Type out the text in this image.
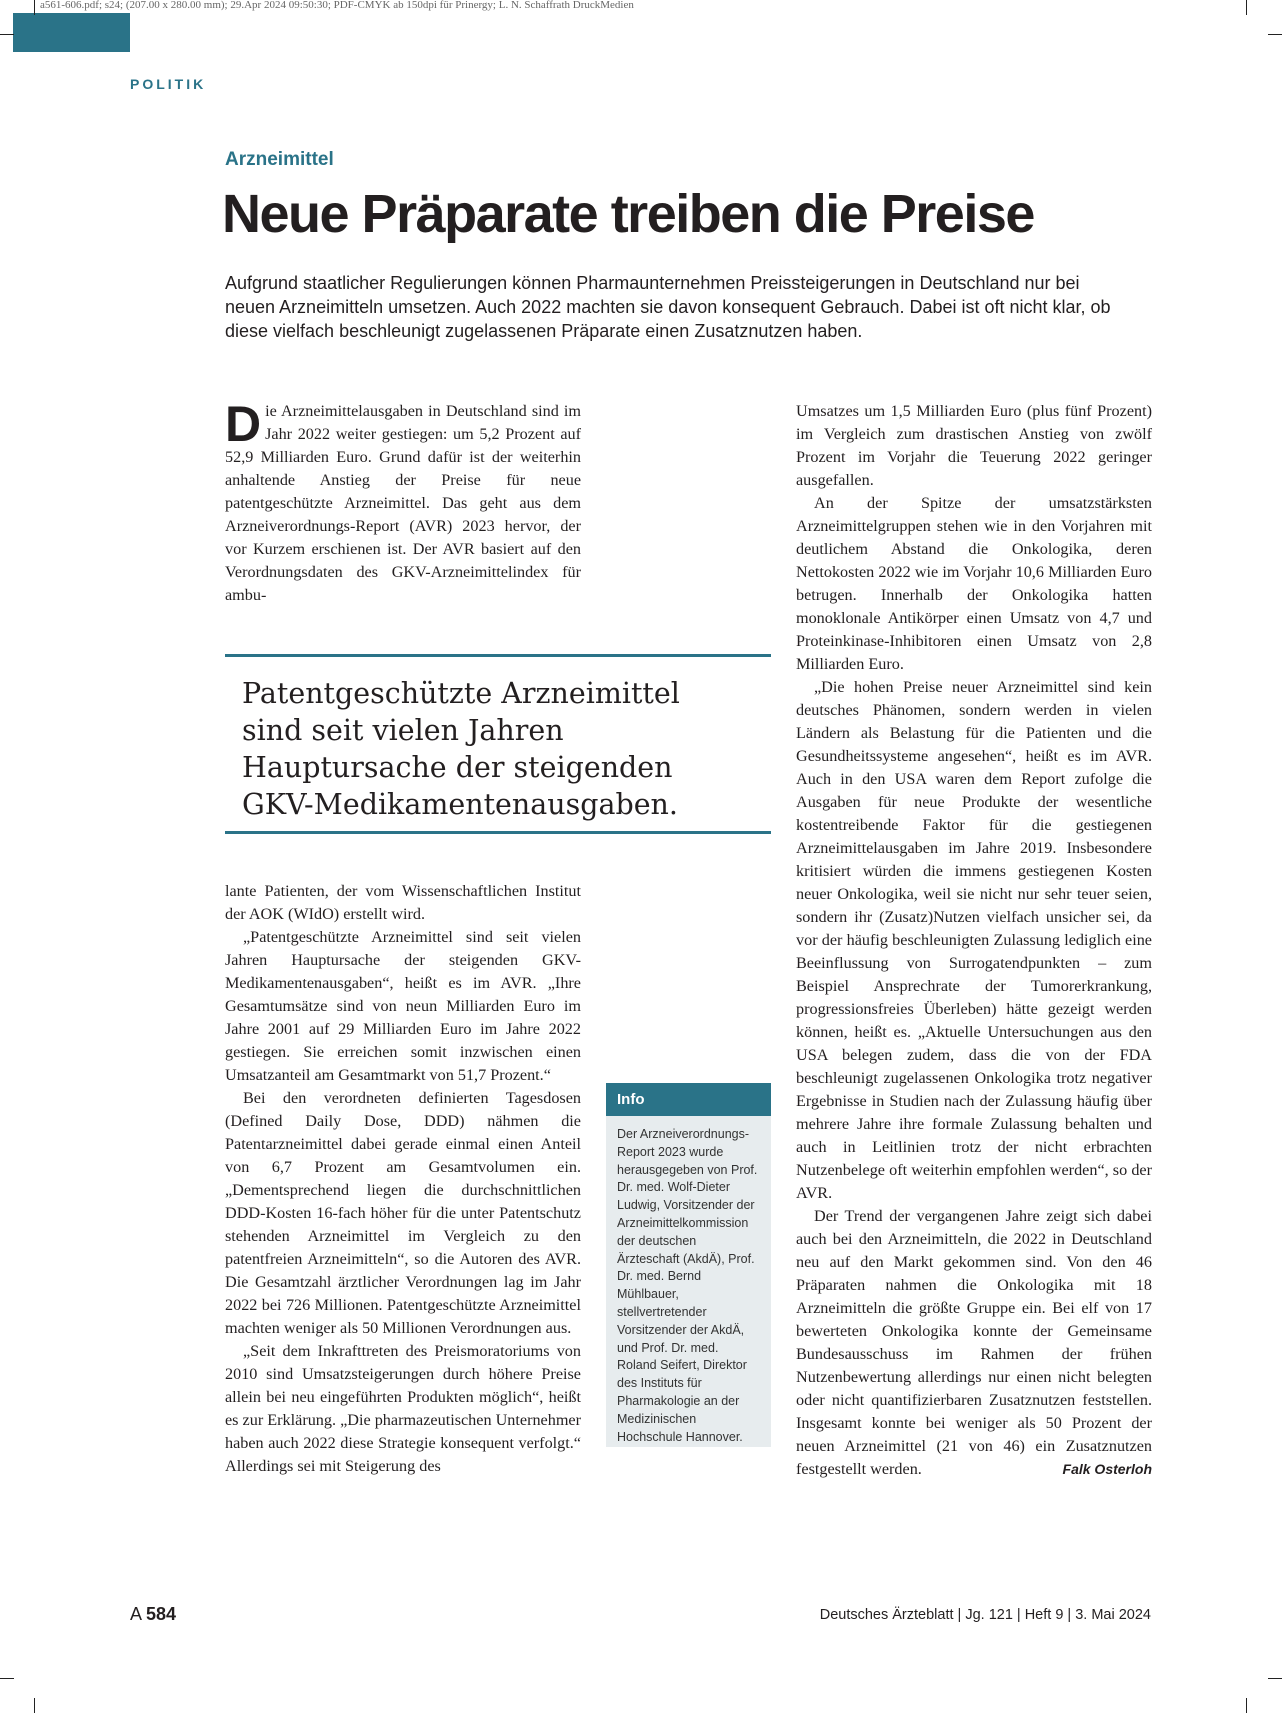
a561-606.pdf; s24; (207.00 x 280.00 mm); 29.Apr 2024 09:50:30; PDF-CMYK ab 150dpi für Prinergy; L. N. Schaffrath DruckMedien

POLITIK

Arzneimittel

Neue Präparate treiben die Preise

Aufgrund staatlicher Regulierungen können Pharmaunternehmen Preissteigerungen in Deutschland nur bei neuen Arzneimitteln umsetzen. Auch 2022 machten sie davon konsequent Gebrauch. Dabei ist oft nicht klar, ob diese vielfach beschleunigt zugelassenen Präparate einen Zusatznutzen haben.

Die Arzneimittelausgaben in Deutschland sind im Jahr 2022 weiter gestiegen: um 5,2 Prozent auf 52,9 Milliarden Euro. Grund dafür ist der weiterhin anhaltende Anstieg der Preise für neue patentgeschützte Arzneimittel. Das geht aus dem Arzneiverordnungs-Report (AVR) 2023 hervor, der vor Kurzem erschienen ist. Der AVR basiert auf den Verordnungsdaten des GKV-Arzneimittelindex für ambu-

Patentgeschützte Arzneimittel sind seit vielen Jahren Hauptursache der steigenden GKV-Medikamentenausgaben.

lante Patienten, der vom Wissenschaftlichen Institut der AOK (WIdO) erstellt wird.

„Patentgeschützte Arzneimittel sind seit vielen Jahren Hauptursache der steigenden GKV-Medikamentenausgaben“, heißt es im AVR. „Ihre Gesamtumsätze sind von neun Milliarden Euro im Jahre 2001 auf 29 Milliarden Euro im Jahre 2022 gestiegen. Sie erreichen somit inzwischen einen Umsatzanteil am Gesamtmarkt von 51,7 Prozent.“

Bei den verordneten definierten Tagesdosen (Defined Daily Dose, DDD) nähmen die Patentarzneimittel dabei gerade einmal einen Anteil von 6,7 Prozent am Gesamtvolumen ein. „Dementsprechend liegen die durchschnittlichen DDD-Kosten 16-fach höher für die unter Patentschutz stehenden Arzneimittel im Vergleich zu den patentfreien Arzneimitteln“, so die Autoren des AVR. Die Gesamtzahl ärztlicher Verordnungen lag im Jahr 2022 bei 726 Millionen. Patentgeschützte Arzneimittel machten weniger als 50 Millionen Verordnungen aus.

„Seit dem Inkrafttreten des Preismoratoriums von 2010 sind Umsatzsteigerungen durch höhere Preise allein bei neu eingeführten Produkten möglich“, heißt es zur Erklärung. „Die pharmazeutischen Unternehmer haben auch 2022 diese Strategie konsequent verfolgt.“ Allerdings sei mit Steigerung des

Info
Der Arzneiverordnungs-Report 2023 wurde herausgegeben von Prof. Dr. med. Wolf-Dieter Ludwig, Vorsitzender der Arzneimittelkommission der deutschen Ärzteschaft (AkdÄ), Prof. Dr. med. Bernd Mühlbauer, stellvertretender Vorsitzender der AkdÄ, und Prof. Dr. med. Roland Seifert, Direktor des Instituts für Pharmakologie an der Medizinischen Hochschule Hannover.

Umsatzes um 1,5 Milliarden Euro (plus fünf Prozent) im Vergleich zum drastischen Anstieg von zwölf Prozent im Vorjahr die Teuerung 2022 geringer ausgefallen.

An der Spitze der umsatzstärksten Arzneimittelgruppen stehen wie in den Vorjahren mit deutlichem Abstand die Onkologika, deren Nettokosten 2022 wie im Vorjahr 10,6 Milliarden Euro betrugen. Innerhalb der Onkologika hatten monoklonale Antikörper einen Umsatz von 4,7 und Proteinkinase-Inhibitoren einen Umsatz von 2,8 Milliarden Euro.

„Die hohen Preise neuer Arzneimittel sind kein deutsches Phänomen, sondern werden in vielen Ländern als Belastung für die Patienten und die Gesundheitssysteme angesehen“, heißt es im AVR. Auch in den USA waren dem Report zufolge die Ausgaben für neue Produkte der wesentliche kostentreibende Faktor für die gestiegenen Arzneimittelausgaben im Jahre 2019. Insbesondere kritisiert würden die immens gestiegenen Kosten neuer Onkologika, weil sie nicht nur sehr teuer seien, sondern ihr (Zusatz)Nutzen vielfach unsicher sei, da vor der häufig beschleunigten Zulassung lediglich eine Beeinflussung von Surrogatendpunkten – zum Beispiel Ansprechrate der Tumorerkrankung, progressionsfreies Überleben) hätte gezeigt werden können, heißt es. „Aktuelle Untersuchungen aus den USA belegen zudem, dass die von der FDA beschleunigt zugelassenen Onkologika trotz negativer Ergebnisse in Studien nach der Zulassung häufig über mehrere Jahre ihre formale Zulassung behalten und auch in Leitlinien trotz der nicht erbrachten Nutzenbelege oft weiterhin empfohlen werden“, so der AVR.

Der Trend der vergangenen Jahre zeigt sich dabei auch bei den Arzneimitteln, die 2022 in Deutschland neu auf den Markt gekommen sind. Von den 46 Präparaten nahmen die Onkologika mit 18 Arzneimitteln die größte Gruppe ein. Bei elf von 17 bewerteten Onkologika konnte der Gemeinsame Bundesausschuss im Rahmen der frühen Nutzenbewertung allerdings nur einen nicht belegten oder nicht quantifizierbaren Zusatznutzen feststellen. Insgesamt konnte bei weniger als 50 Prozent der neuen Arzneimittel (21 von 46) ein Zusatznutzen festgestellt werden.	Falk Osterloh

A 584	Deutsches Ärzteblatt | Jg. 121 | Heft 9 | 3. Mai 2024
